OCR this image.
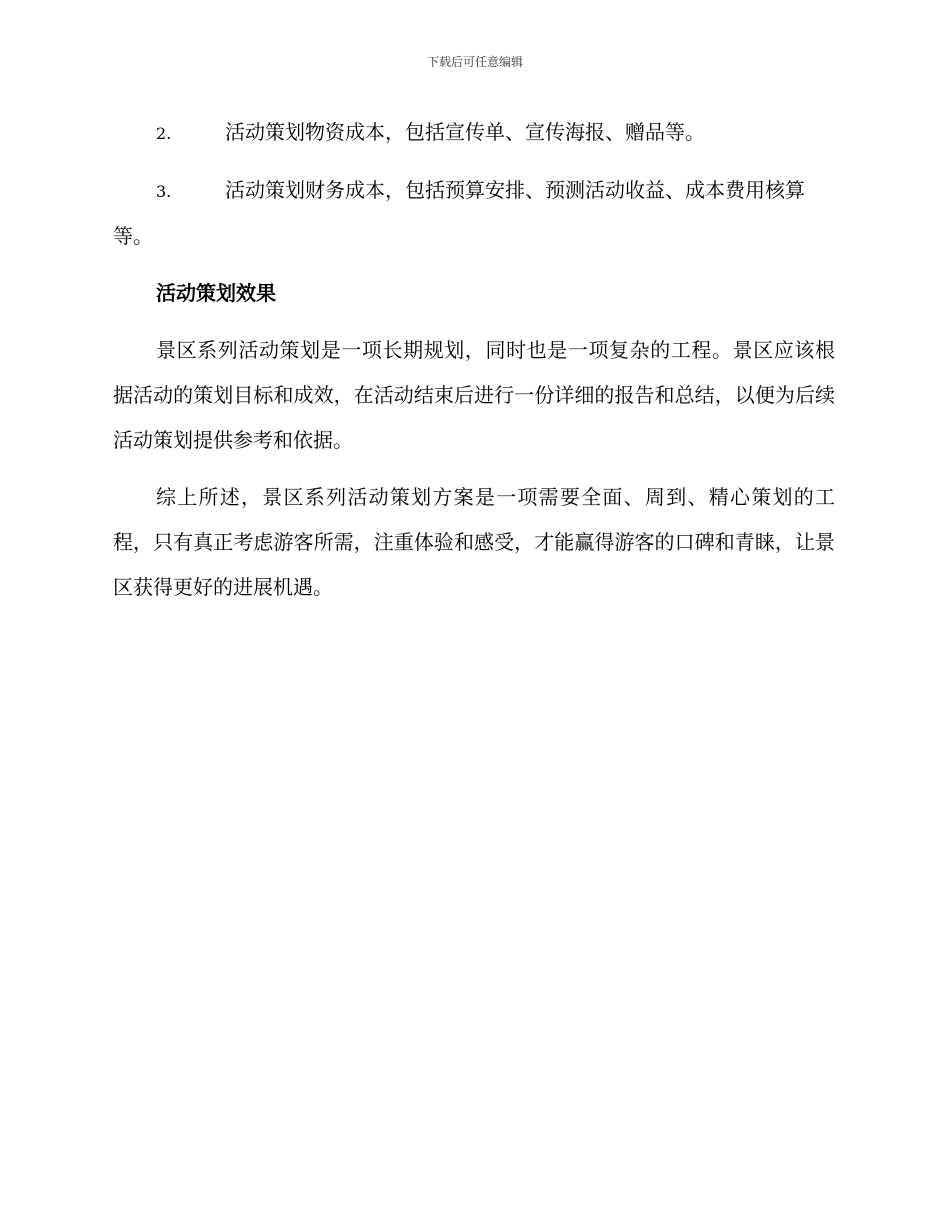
下载后可任意编辑

2.	活动策划物资成本，包括宣传单、宣传海报、赠品等。

3.	活动策划财务成本，包括预算安排、预测活动收益、成本费用核算等。

活动策划效果

景区系列活动策划是一项长期规划，同时也是一项复杂的工程。景区应该根据活动的策划目标和成效，在活动结束后进行一份详细的报告和总结，以便为后续活动策划提供参考和依据。

综上所述，景区系列活动策划方案是一项需要全面、周到、精心策划的工程，只有真正考虑游客所需，注重体验和感受，才能赢得游客的口碑和青睐，让景区获得更好的进展机遇。
